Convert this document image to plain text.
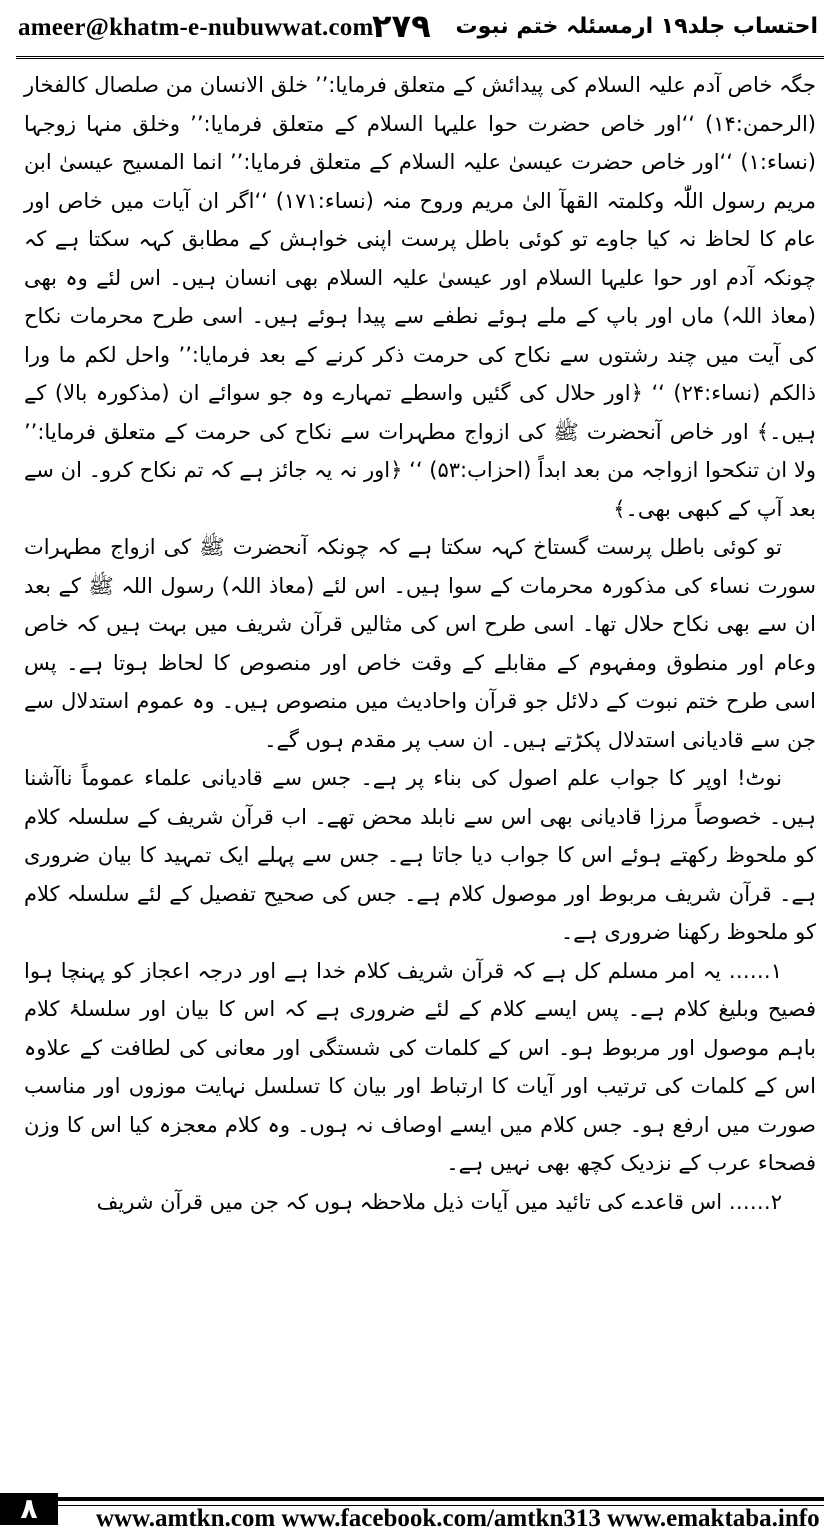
ameer@khatm-e-nubuwwat.com
۲۷۹ احتساب جلد۱۹ ارمسئلہ ختم نبوت

جگہ خاص آدم علیہ السلام کی پیدائش کے متعلق فرمایا:’’ خلق الانسان من صلصال کالفخار (الرحمن:۱۴) ‘‘اور خاص حضرت حوا علیہا السلام کے متعلق فرمایا:’’ وخلق منہا زوجہا (نساء:۱) ‘‘اور خاص حضرت عیسیٰ علیہ السلام کے متعلق فرمایا:’’ انما المسیح عیسیٰ ابن مریم رسول اللّٰہ وکلمتہ القھآ الیٰ مریم وروح منہ (نساء:۱۷۱) ‘‘اگر ان آیات میں خاص اور عام کا لحاظ نہ کیا جاوے تو کوئی باطل پرست اپنی خواہش کے مطابق کہہ سکتا ہے کہ چونکہ آدم اور حوا علیہا السلام اور عیسیٰ علیہ السلام بھی انسان ہیں۔ اس لئے وہ بھی (معاذ اللہ) ماں اور باپ کے ملے ہوئے نطفے سے پیدا ہوئے ہیں۔ اسی طرح محرمات نکاح کی آیت میں چند رشتوں سے نکاح کی حرمت ذکر کرنے کے بعد فرمایا:’’ واحل لکم ما ورا ذالکم (نساء:۲۴) ‘‘ ﴿اور حلال کی گئیں واسطے تمہارے وہ جو سوائے ان (مذکورہ بالا) کے ہیں۔﴾ اور خاص آنحضرت ﷺ کی ازواج مطہرات سے نکاح کی حرمت کے متعلق فرمایا:’’ ولا ان تنکحوا ازواجہ من بعد ابداً (احزاب:۵۳) ‘‘ ﴿اور نہ یہ جائز ہے کہ تم نکاح کرو۔ ان سے بعد آپ کے کبھی بھی۔﴾

تو کوئی باطل پرست گستاخ کہہ سکتا ہے کہ چونکہ آنحضرت ﷺ کی ازواج مطہرات سورت نساء کی مذکورہ محرمات کے سوا ہیں۔ اس لئے (معاذ اللہ) رسول اللہ ﷺ کے بعد ان سے بھی نکاح حلال تھا۔ اسی طرح اس کی مثالیں قرآن شریف میں بہت ہیں کہ خاص وعام اور منطوق ومفہوم کے مقابلے کے وقت خاص اور منصوص کا لحاظ ہوتا ہے۔ پس اسی طرح ختم نبوت کے دلائل جو قرآن واحادیث میں منصوص ہیں۔ وہ عموم استدلال سے جن سے قادیانی استدلال پکڑتے ہیں۔ ان سب پر مقدم ہوں گے۔

نوٹ! اوپر کا جواب علم اصول کی بناء پر ہے۔ جس سے قادیانی علماء عموماً ناآشنا ہیں۔ خصوصاً مرزا قادیانی بھی اس سے نابلد محض تھے۔ اب قرآن شریف کے سلسلہ کلام کو ملحوظ رکھتے ہوئے اس کا جواب دیا جاتا ہے۔ جس سے پہلے ایک تمہید کا بیان ضروری ہے۔ قرآن شریف مربوط اور موصول کلام ہے۔ جس کی صحیح تفصیل کے لئے سلسلہ کلام کو ملحوظ رکھنا ضروری ہے۔

۱…… یہ امر مسلم کل ہے کہ قرآن شریف کلام خدا ہے اور درجہ اعجاز کو پہنچا ہوا فصیح وبلیغ کلام ہے۔ پس ایسے کلام کے لئے ضروری ہے کہ اس کا بیان اور سلسلۂ کلام باہم موصول اور مربوط ہو۔ اس کے کلمات کی شستگی اور معانی کی لطافت کے علاوہ اس کے کلمات کی ترتیب اور آیات کا ارتباط اور بیان کا تسلسل نہایت موزوں اور مناسب صورت میں ارفع ہو۔ جس کلام میں ایسے اوصاف نہ ہوں۔ وہ کلام معجزہ کیا اس کا وزن فصحاء عرب کے نزدیک کچھ بھی نہیں ہے۔

۲…… اس قاعدے کی تائید میں آیات ذیل ملاحظہ ہوں کہ جن میں قرآن شریف

۸	www.amtkn.com www.facebook.com/amtkn313 www.emaktaba.info
